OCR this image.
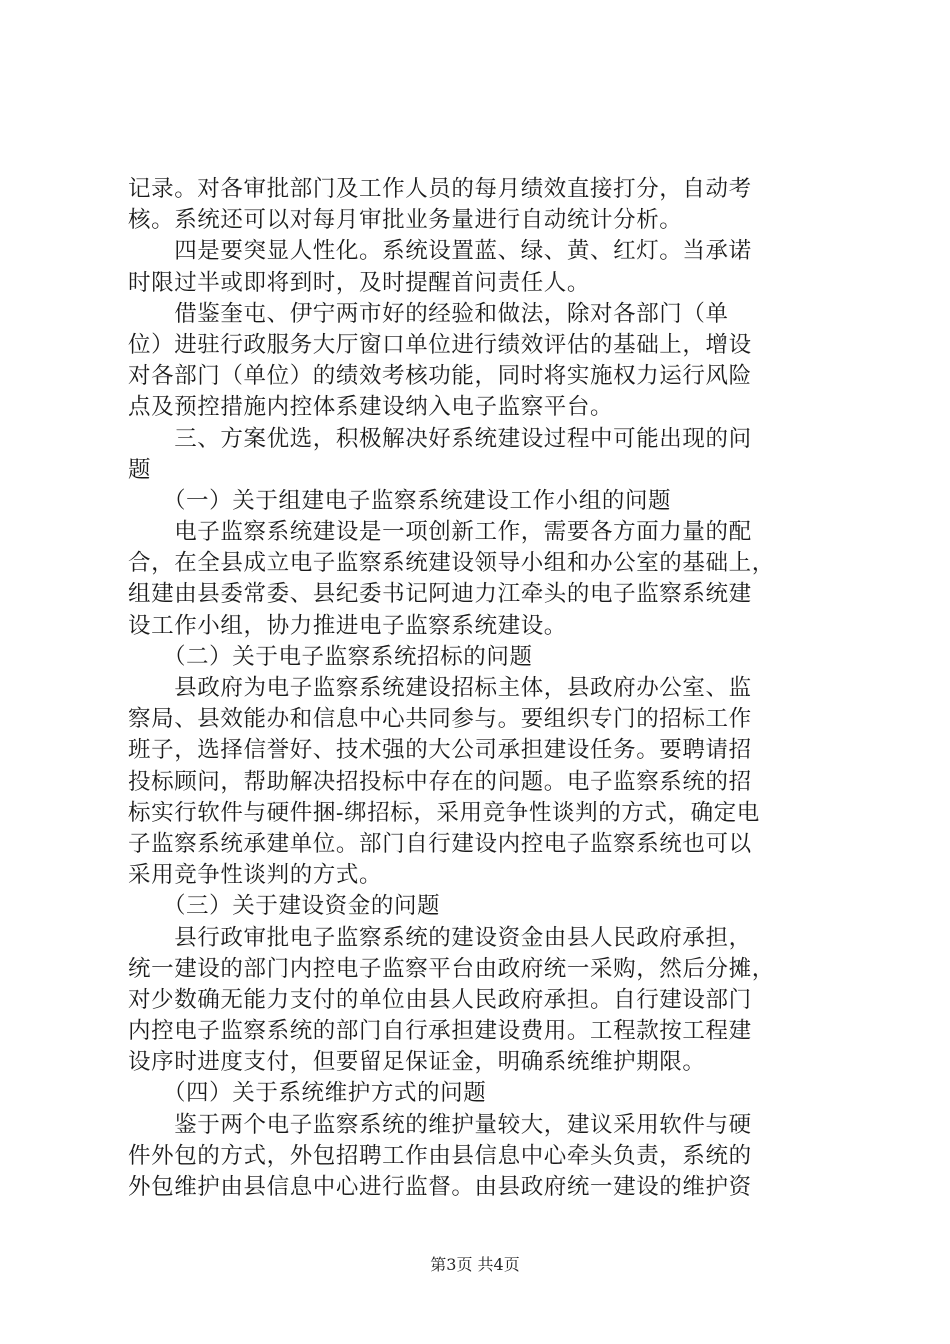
记录。对各审批部门及工作人员的每月绩效直接打分，自动考
核。系统还可以对每月审批业务量进行自动统计分析。
　　四是要突显人性化。系统设置蓝、绿、黄、红灯。当承诺
时限过半或即将到时，及时提醒首问责任人。
　　借鉴奎屯、伊宁两市好的经验和做法，除对各部门（单
位）进驻行政服务大厅窗口单位进行绩效评估的基础上，增设
对各部门（单位）的绩效考核功能，同时将实施权力运行风险
点及预控措施内控体系建设纳入电子监察平台。
　　三、方案优选，积极解决好系统建设过程中可能出现的问
题
　　（一）关于组建电子监察系统建设工作小组的问题
　　电子监察系统建设是一项创新工作，需要各方面力量的配
合，在全县成立电子监察系统建设领导小组和办公室的基础上，
组建由县委常委、县纪委书记阿迪力江牵头的电子监察系统建
设工作小组，协力推进电子监察系统建设。
　　（二）关于电子监察系统招标的问题
　　县政府为电子监察系统建设招标主体，县政府办公室、监
察局、县效能办和信息中心共同参与。要组织专门的招标工作
班子，选择信誉好、技术强的大公司承担建设任务。要聘请招
投标顾问，帮助解决招投标中存在的问题。电子监察系统的招
标实行软件与硬件捆-绑招标，采用竞争性谈判的方式，确定电
子监察系统承建单位。部门自行建设内控电子监察系统也可以
采用竞争性谈判的方式。
　　（三）关于建设资金的问题
　　县行政审批电子监察系统的建设资金由县人民政府承担，
统一建设的部门内控电子监察平台由政府统一采购，然后分摊，
对少数确无能力支付的单位由县人民政府承担。自行建设部门
内控电子监察系统的部门自行承担建设费用。工程款按工程建
设序时进度支付，但要留足保证金，明确系统维护期限。
　　（四）关于系统维护方式的问题
　　鉴于两个电子监察系统的维护量较大，建议采用软件与硬
件外包的方式，外包招聘工作由县信息中心牵头负责，系统的
外包维护由县信息中心进行监督。由县政府统一建设的维护资
第3页 共4页
